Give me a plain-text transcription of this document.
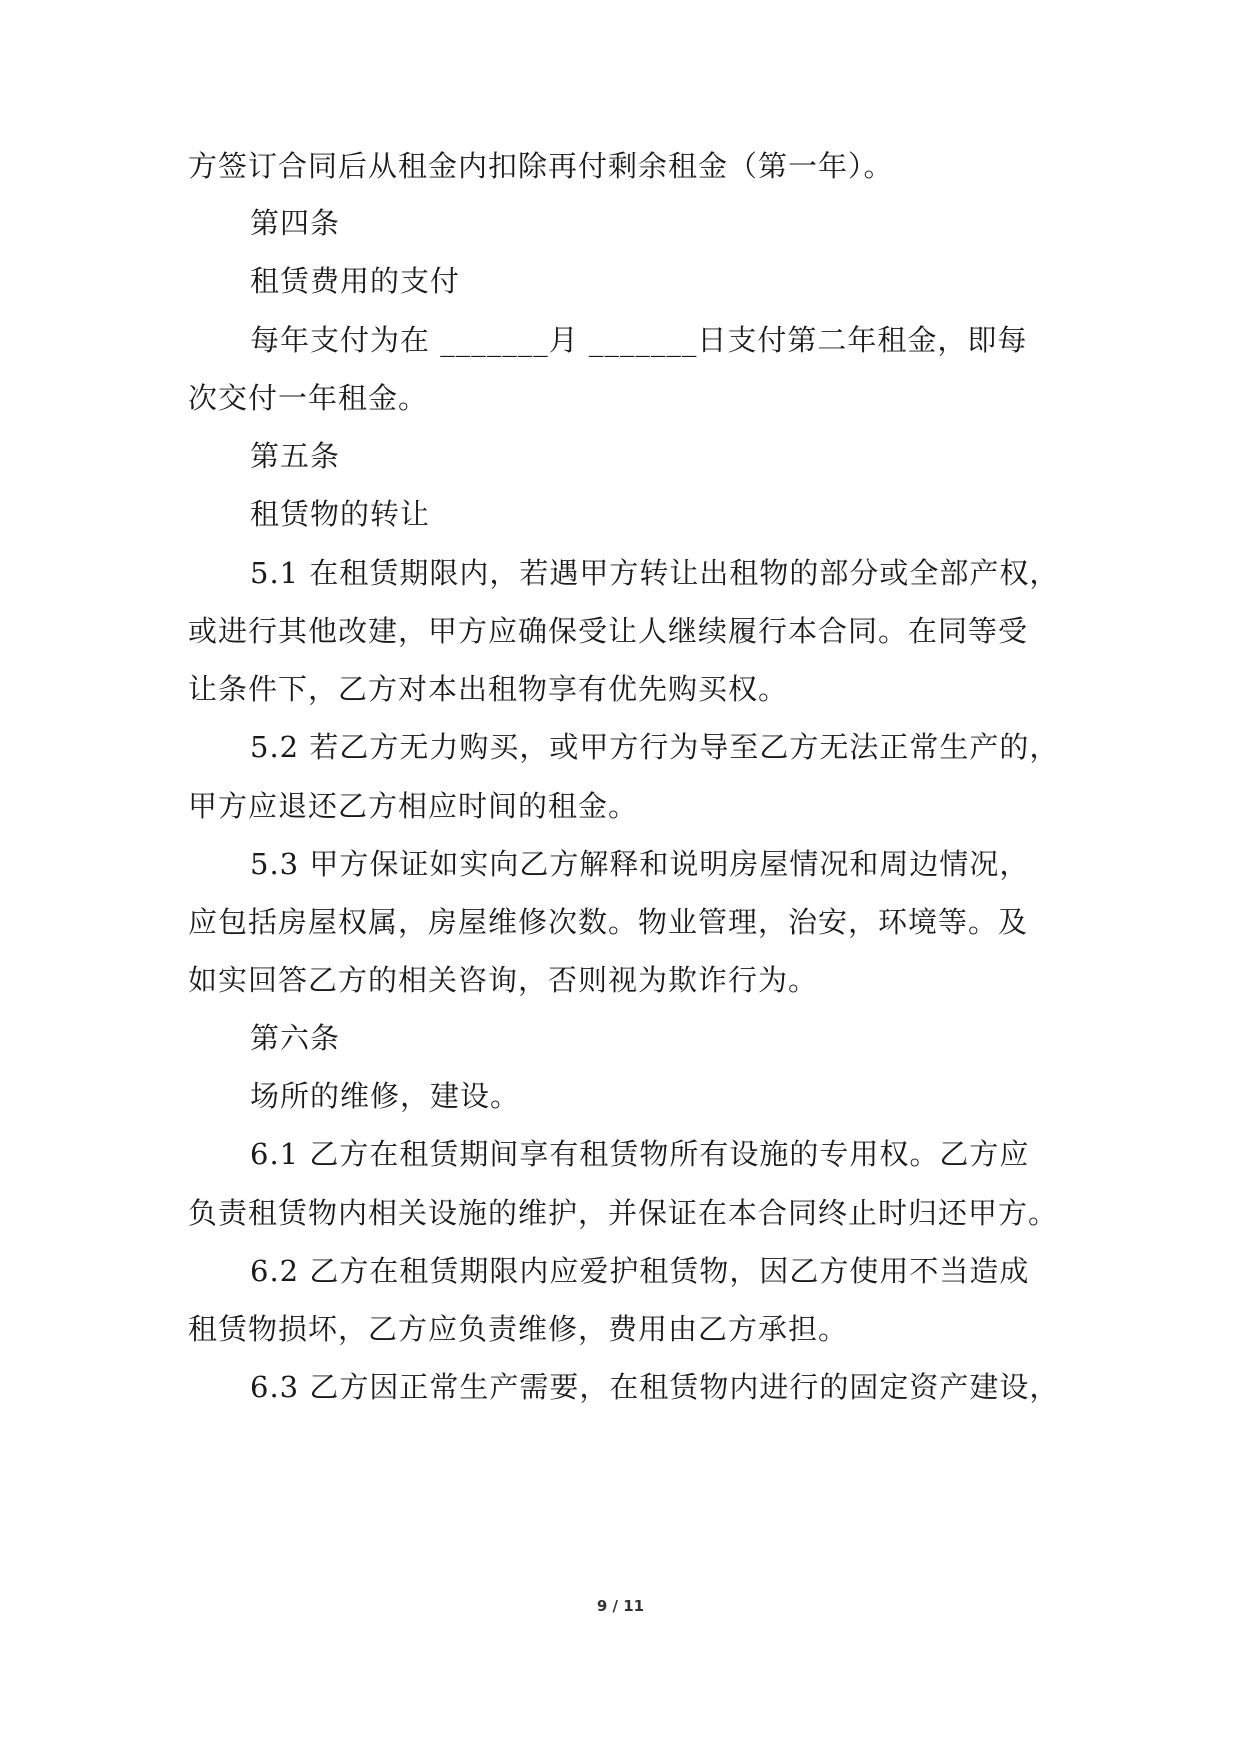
方签订合同后从租金内扣除再付剩余租金（第一年）。
第四条
租赁费用的支付
每年支付为在 _______月 _______日支付第二年租金，即每
次交付一年租金。
第五条
租赁物的转让
5.1 在租赁期限内，若遇甲方转让出租物的部分或全部产权，
或进行其他改建，甲方应确保受让人继续履行本合同。在同等受
让条件下，乙方对本出租物享有优先购买权。
5.2 若乙方无力购买，或甲方行为导至乙方无法正常生产的，
甲方应退还乙方相应时间的租金。
5.3 甲方保证如实向乙方解释和说明房屋情况和周边情况，
应包括房屋权属，房屋维修次数。物业管理，治安，环境等。及
如实回答乙方的相关咨询，否则视为欺诈行为。
第六条
场所的维修，建设。
6.1 乙方在租赁期间享有租赁物所有设施的专用权。乙方应
负责租赁物内相关设施的维护，并保证在本合同终止时归还甲方。
6.2 乙方在租赁期限内应爱护租赁物，因乙方使用不当造成
租赁物损坏，乙方应负责维修，费用由乙方承担。
6.3 乙方因正常生产需要，在租赁物内进行的固定资产建设，
9 / 11
